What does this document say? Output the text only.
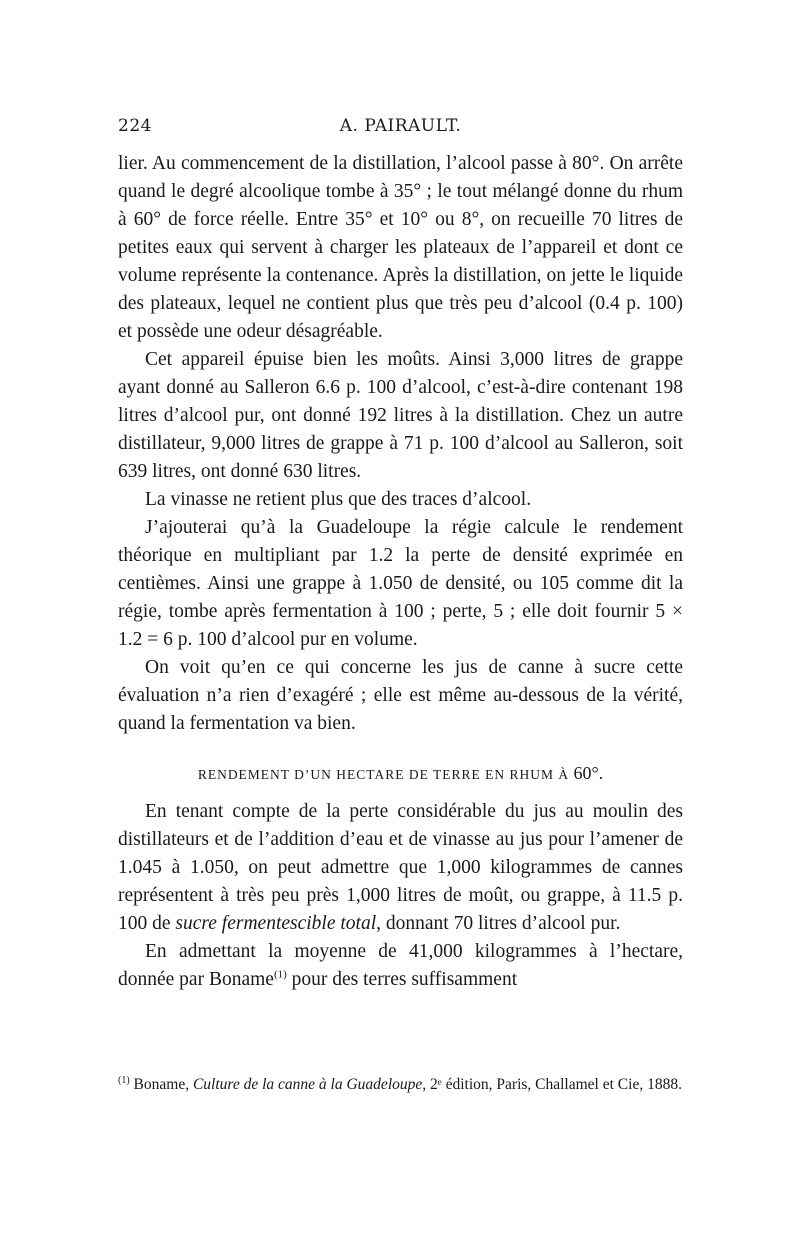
224	A. PAIRAULT.

lier. Au commencement de la distillation, l’alcool passe à 80°. On arrête quand le degré alcoolique tombe à 35° ; le tout mélangé donne du rhum à 60° de force réelle. Entre 35° et 10° ou 8°, on recueille 70 litres de petites eaux qui servent à charger les plateaux de l’appareil et dont ce volume représente la contenance. Après la distillation, on jette le liquide des plateaux, lequel ne contient plus que très peu d’alcool (0.4 p. 100) et possède une odeur désagréable.

Cet appareil épuise bien les moûts. Ainsi 3,000 litres de grappe ayant donné au Salleron 6.6 p. 100 d’alcool, c’est-à-dire contenant 198 litres d’alcool pur, ont donné 192 litres à la distillation. Chez un autre distillateur, 9,000 litres de grappe à 71 p. 100 d’alcool au Salleron, soit 639 litres, ont donné 630 litres.

La vinasse ne retient plus que des traces d’alcool.

J’ajouterai qu’à la Guadeloupe la régie calcule le rendement théorique en multipliant par 1.2 la perte de densité exprimée en centièmes. Ainsi une grappe à 1.050 de densité, ou 105 comme dit la régie, tombe après fermentation à 100 ; perte, 5 ; elle doit fournir 5 × 1.2 = 6 p. 100 d’alcool pur en volume.

On voit qu’en ce qui concerne les jus de canne à sucre cette évaluation n’a rien d’exagéré ; elle est même au-dessous de la vérité, quand la fermentation va bien.

RENDEMENT D’UN HECTARE DE TERRE EN RHUM À 60°.

En tenant compte de la perte considérable du jus au moulin des distillateurs et de l’addition d’eau et de vinasse au jus pour l’amener de 1.045 à 1.050, on peut admettre que 1,000 kilogrammes de cannes représentent à très peu près 1,000 litres de moût, ou grappe, à 11.5 p. 100 de sucre fermentescible total, donnant 70 litres d’alcool pur.

En admettant la moyenne de 41,000 kilogrammes à l’hectare, donnée par Boname$^{(1)}$ pour des terres suffisamment

$^{(1)}$ Boname, Culture de la canne à la Guadeloupe, 2ᵉ édition, Paris, Challamel et Cie, 1888.
